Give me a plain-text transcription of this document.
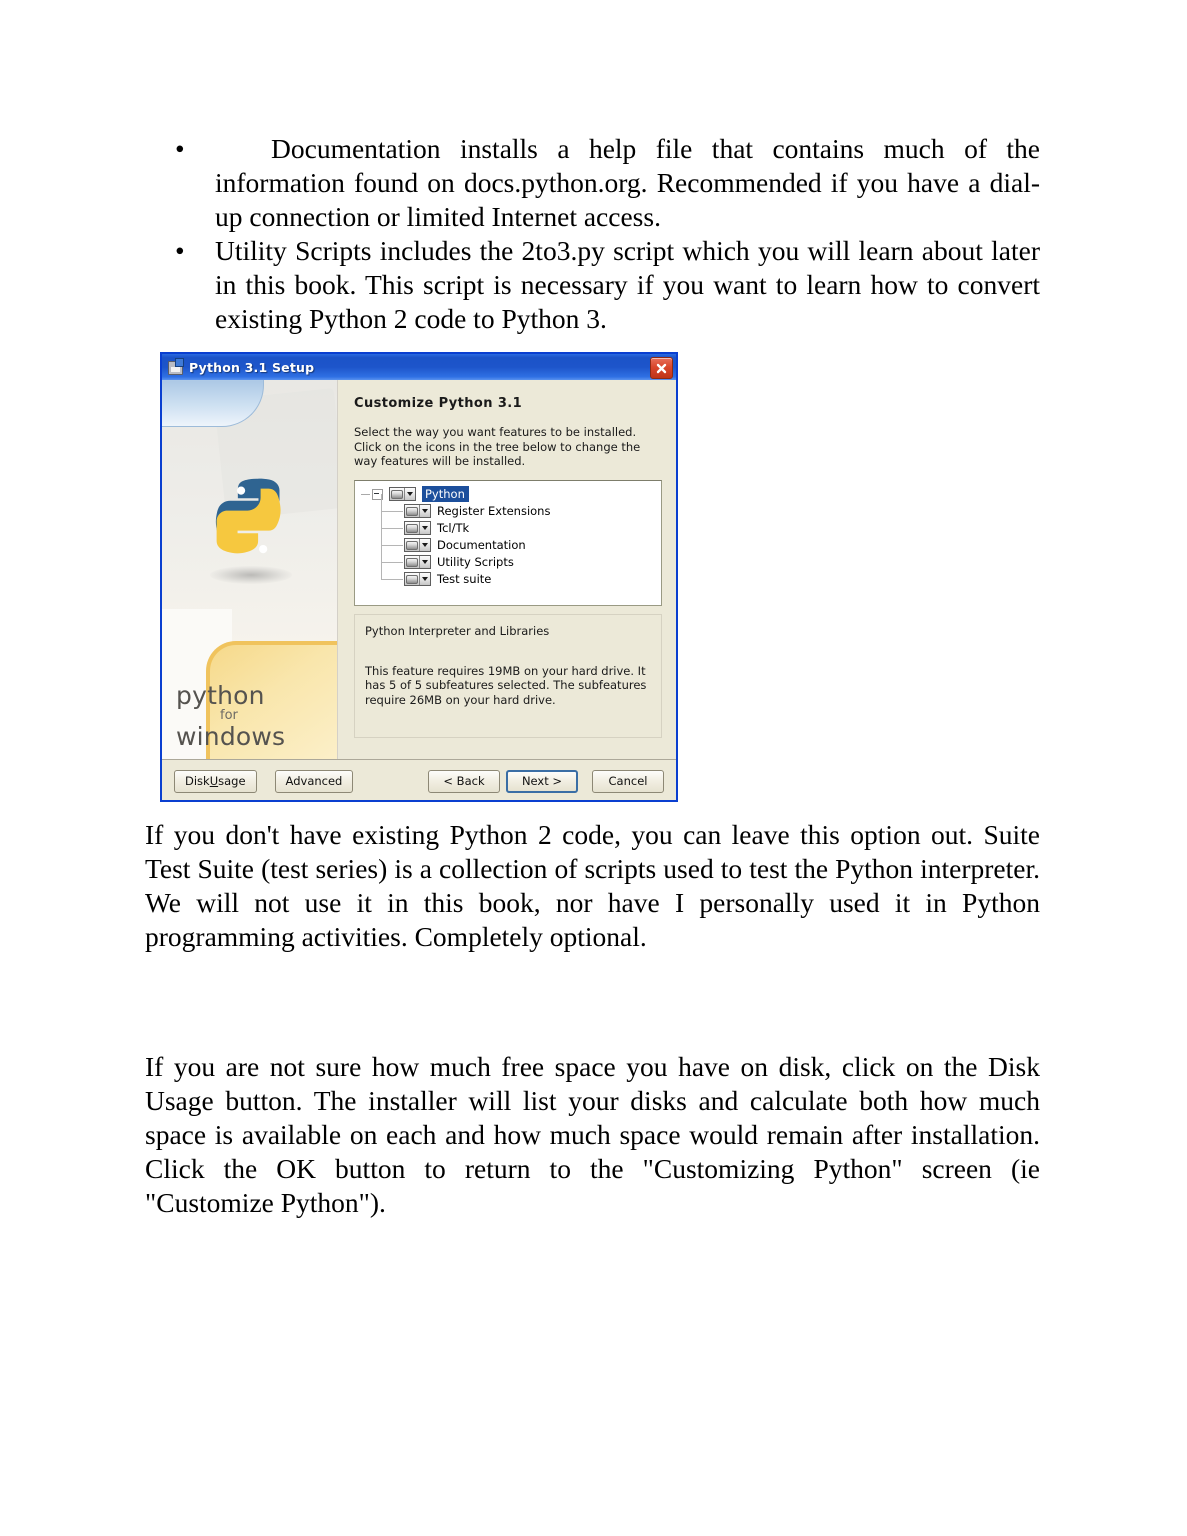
•	Documentation installs a help file that contains much of the information found on docs.python.org. Recommended if you have a dial-up connection or limited Internet access.
• Utility Scripts includes the 2to3.py script which you will learn about later in this book. This script is necessary if you want to learn how to convert existing Python 2 code to Python 3.
Python 3.1 Setup
python
for
windows
Customize Python 3.1
Select the way you want features to be installed. Click on the icons in the tree below to change the way features will be installed.
Python
Register Extensions
Tcl/Tk
Documentation
Utility Scripts
Test suite
Python Interpreter and Libraries
This feature requires 19MB on your hard drive. It has 5 of 5 subfeatures selected. The subfeatures require 26MB on your hard drive.
Disk U sage	Advanced	< Back	Next >	Cancel

If you don't have existing Python 2 code, you can leave this option out. Suite Test Suite (test series) is a collection of scripts used to test the Python interpreter. We will not use it in this book, nor have I personally used it in Python programming activities. Completely optional.

If you are not sure how much free space you have on disk, click on the Disk Usage button. The installer will list your disks and calculate both how much space is available on each and how much space would remain after installation. Click the OK button to return to the "Customizing Python" screen (ie "Customize Python").
